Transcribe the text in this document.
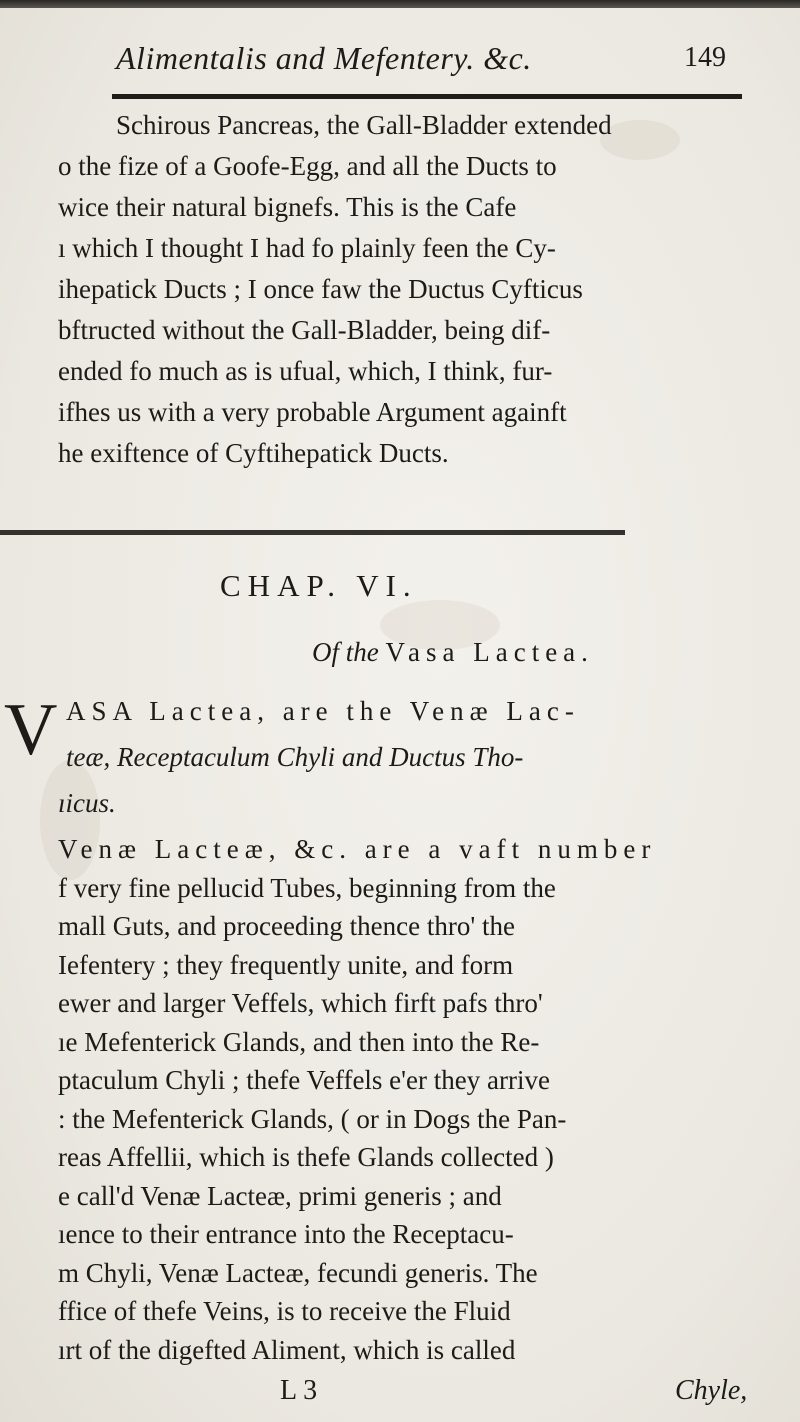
Alimentalis and Mefentery. &c.	149
Schirous Pancreas, the Gall-Bladder extended
o the fize of a Goofe-Egg, and all the Ducts to
wice their natural bignefs. This is the Cafe
ı which I thought I had fo plainly feen the Cy-
ihepatick Ducts ; I once faw the Ductus Cyfticus
bftructed without the Gall-Bladder, being dif-
ended fo much as is ufual, which, I think, fur-
ifhes us with a very probable Argument againft
he exiftence of Cyftihepatick Ducts.
CHAP. VI.
Of the Vasa Lactea.
V ASA Lactea, are the Venæ Lac-
teæ, Receptaculum Chyli and Ductus Tho-
ıicus.
Venæ Lacteæ, &c. are a vaft number
f very fine pellucid Tubes, beginning from the
mall Guts, and proceeding thence thro' the
Iefentery ; they frequently unite, and form
ewer and larger Veffels, which firft pafs thro'
ıe Mefenterick Glands, and then into the Re-
ptaculum Chyli ; thefe Veffels e'er they arrive
: the Mefenterick Glands, ( or in Dogs the Pan-
reas Affellii, which is thefe Glands collected )
e call'd Venæ Lacteæ, primi generis ; and
ıence to their entrance into the Receptacu-
m Chyli, Venæ Lacteæ, fecundi generis. The
ffice of thefe Veins, is to receive the Fluid
ırt of the digefted Aliment, which is called
L 3	Chyle,
